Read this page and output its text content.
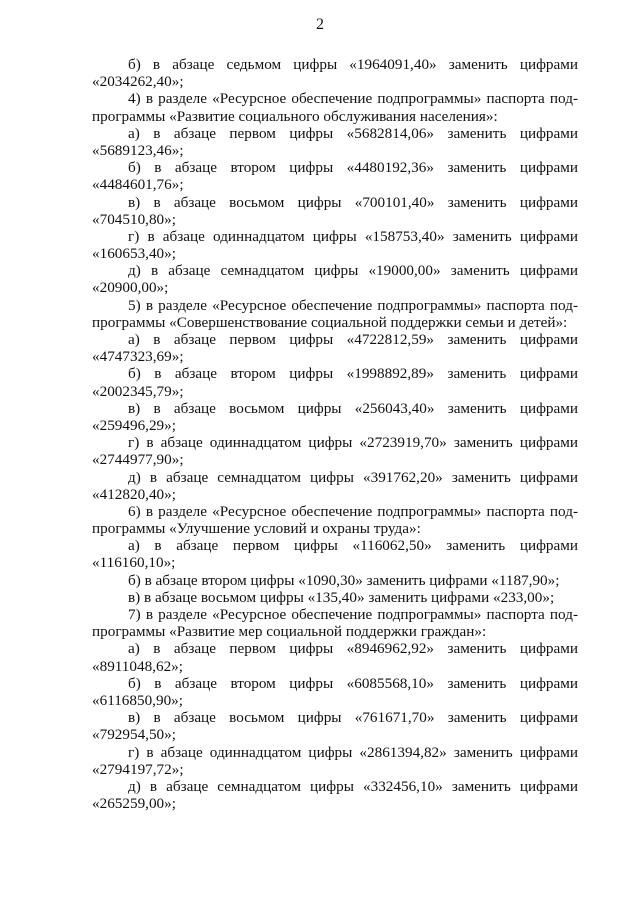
2
б) в абзаце седьмом цифры «1964091,40» заменить цифрами
«2034262,40»;
4) в разделе «Ресурсное обеспечение подпрограммы» паспорта под-
программы «Развитие социального обслуживания населения»:
а) в абзаце первом цифры «5682814,06» заменить цифрами
«5689123,46»;
б) в абзаце втором цифры «4480192,36» заменить цифрами
«4484601,76»;
в) в абзаце восьмом цифры «700101,40» заменить цифрами
«704510,80»;
г) в абзаце одиннадцатом цифры «158753,40» заменить цифрами
«160653,40»;
д) в абзаце семнадцатом цифры «19000,00» заменить цифрами
«20900,00»;
5) в разделе «Ресурсное обеспечение подпрограммы» паспорта под-
программы «Совершенствование социальной поддержки семьи и детей»:
а) в абзаце первом цифры «4722812,59» заменить цифрами
«4747323,69»;
б) в абзаце втором цифры «1998892,89» заменить цифрами
«2002345,79»;
в) в абзаце восьмом цифры «256043,40» заменить цифрами
«259496,29»;
г) в абзаце одиннадцатом цифры «2723919,70» заменить цифрами
«2744977,90»;
д) в абзаце семнадцатом цифры «391762,20» заменить цифрами
«412820,40»;
6) в разделе «Ресурсное обеспечение подпрограммы» паспорта под-
программы «Улучшение условий и охраны труда»:
а) в абзаце первом цифры «116062,50» заменить цифрами
«116160,10»;
б) в абзаце втором цифры «1090,30» заменить цифрами «1187,90»;
в) в абзаце восьмом цифры «135,40» заменить цифрами «233,00»;
7) в разделе «Ресурсное обеспечение подпрограммы» паспорта под-
программы «Развитие мер социальной поддержки граждан»:
а) в абзаце первом цифры «8946962,92» заменить цифрами
«8911048,62»;
б) в абзаце втором цифры «6085568,10» заменить цифрами
«6116850,90»;
в) в абзаце восьмом цифры «761671,70» заменить цифрами
«792954,50»;
г) в абзаце одиннадцатом цифры «2861394,82» заменить цифрами
«2794197,72»;
д) в абзаце семнадцатом цифры «332456,10» заменить цифрами
«265259,00»;
